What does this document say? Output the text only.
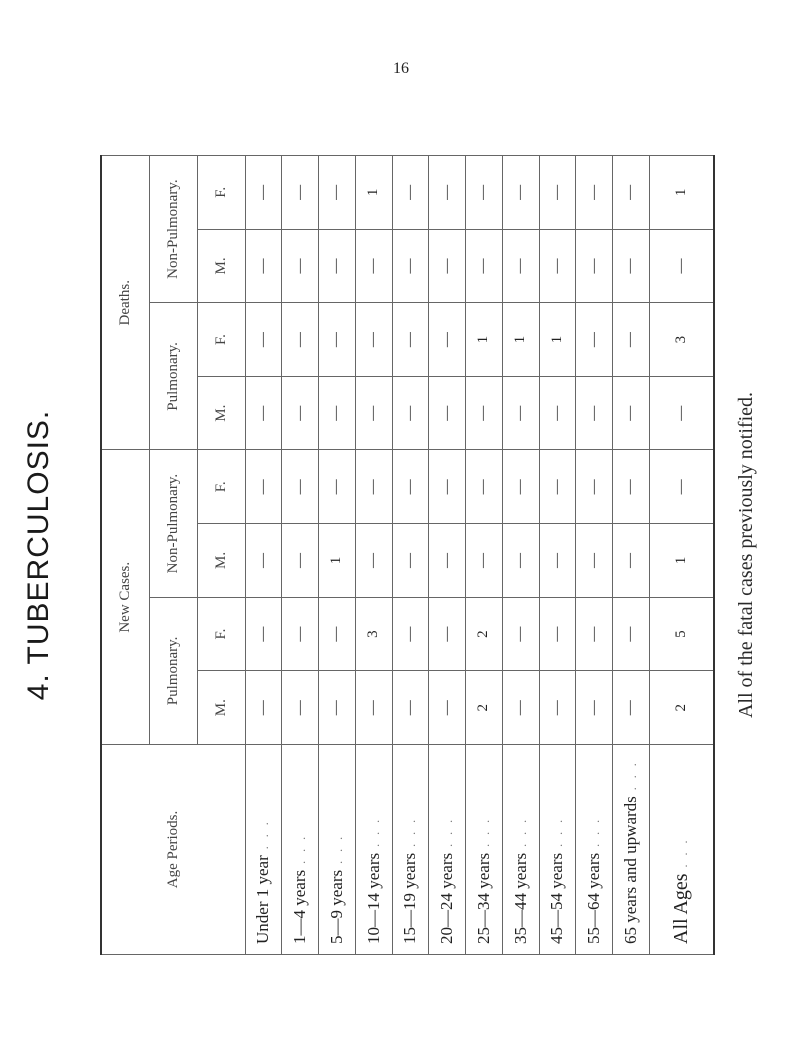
16
4. TUBERCULOSIS.
Age Periods.	New Cases.				Deaths.			
	Pulmonary.		Non-Pulmonary.		Pulmonary.		Non-Pulmonary.	
	M.	F.	M.	F.	M.	F.	M.	F.
Under 1 year. . .	—	—	—	—	—	—	—	—
1—4 years. . .	—	—	—	—	—	—	—	—
5—9 years. . .	—	—	1	—	—	—	—	—
10—14 years. . .	—	3	—	—	—	—	—	1
15—19 years. . .	—	—	—	—	—	—	—	—
20—24 years. . .	—	—	—	—	—	—	—	—
25—34 years. . .	2	2	—	—	—	1	—	—
35—44 years. . .	—	—	—	—	—	1	—	—
45—54 years. . .	—	—	—	—	—	1	—	—
55—64 years. . .	—	—	—	—	—	—	—	—
65 years and upwards. . .	—	—	—	—	—	—	—	—
All Ages. . .	2	5	1	—	—	3	—	1
All of the fatal cases previously notified.
